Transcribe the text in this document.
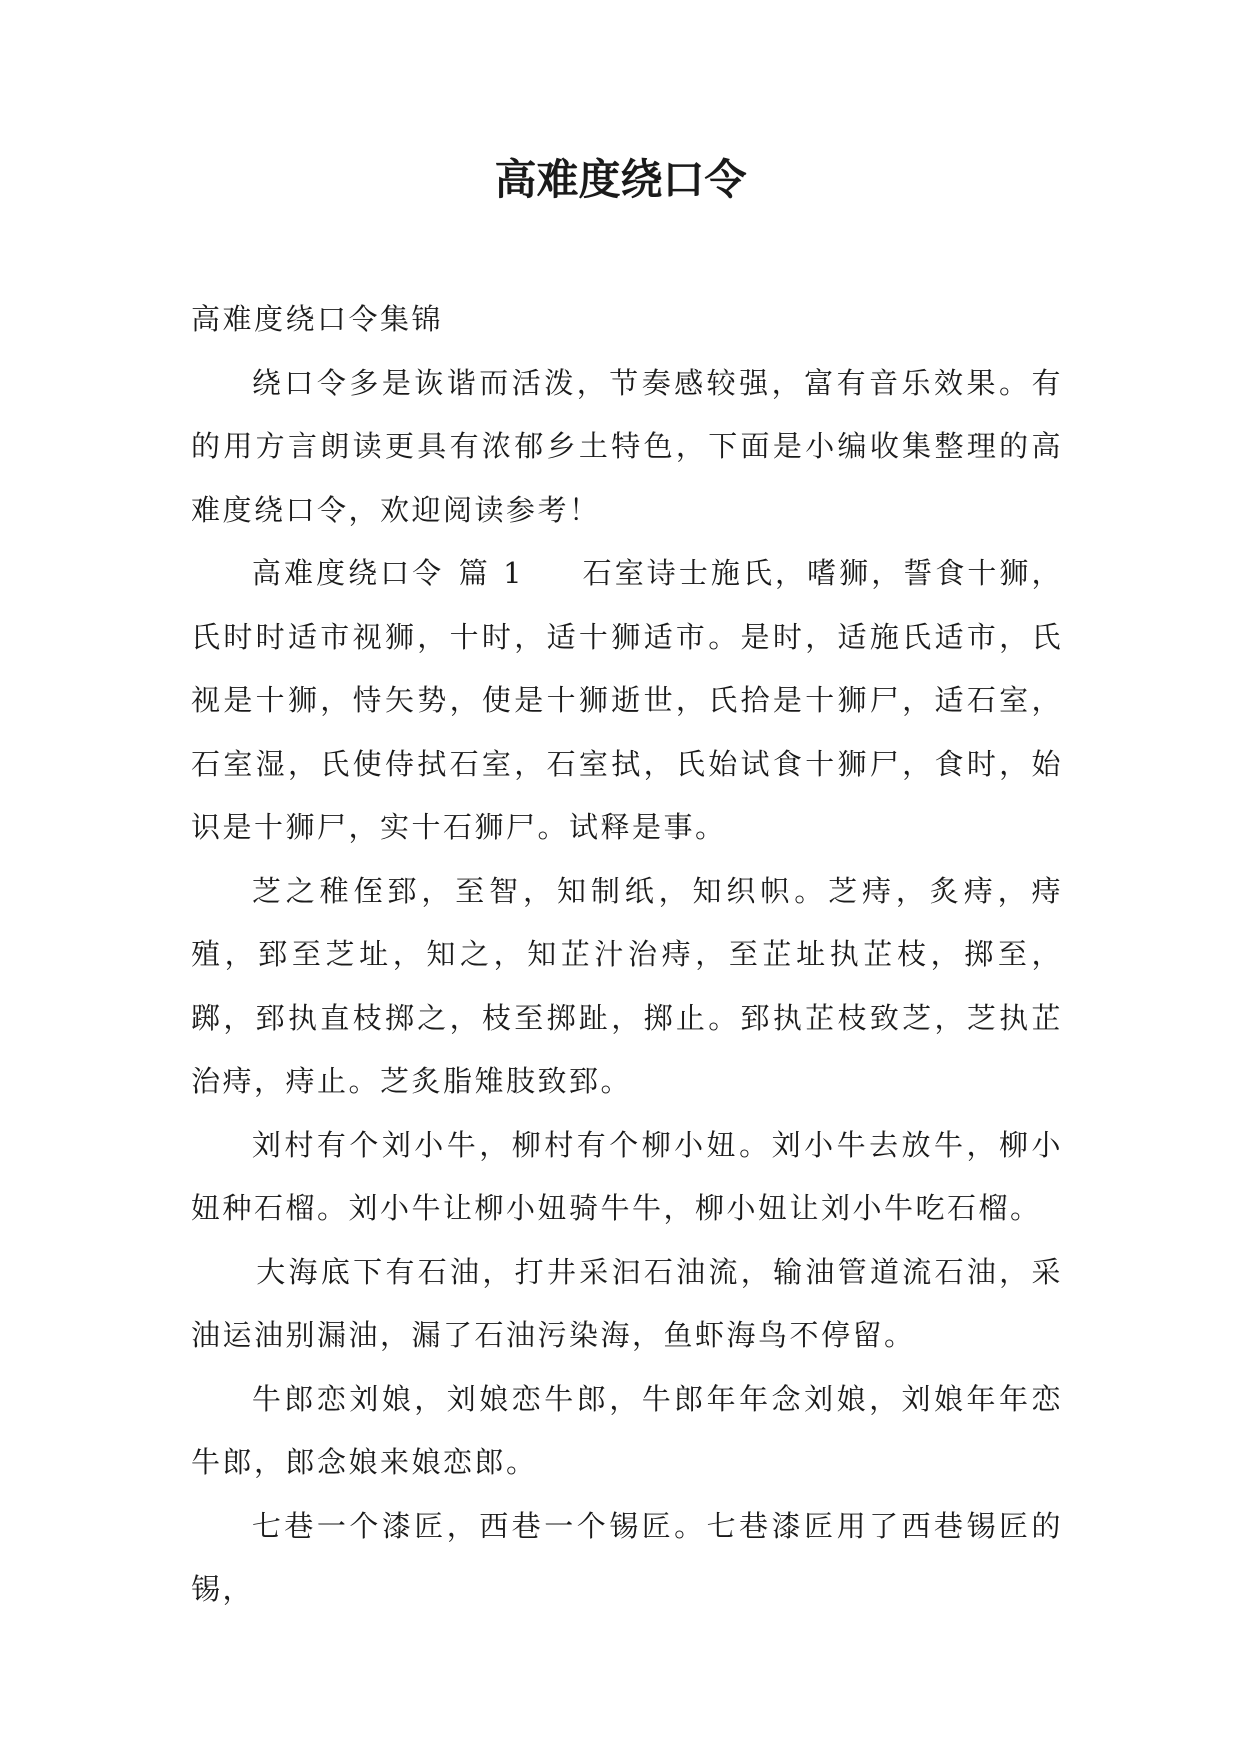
高难度绕口令

高难度绕口令集锦

绕口令多是诙谐而活泼，节奏感较强，富有音乐效果。有的用方言朗读更具有浓郁乡土特色，下面是小编收集整理的高难度绕口令，欢迎阅读参考！

高难度绕口令 篇 1 石室诗士施氏，嗜狮，誓食十狮，氏时时适市视狮，十时，适十狮适市。是时，适施氏适市，氏视是十狮，恃矢势，使是十狮逝世，氏拾是十狮尸，适石室，石室湿，氏使侍拭石室，石室拭，氏始试食十狮尸，食时，始识是十狮尸，实十石狮尸。试释是事。

芝之稚侄郅，至智，知制纸，知织帜。芝痔，炙痔，痔殖，郅至芝址，知之，知芷汁治痔，至芷址执芷枝，掷至，踯，郅执直枝掷之，枝至掷趾，掷止。郅执芷枝致芝，芝执芷治痔，痔止。芝炙脂雉肢致郅。

刘村有个刘小牛，柳村有个柳小妞。刘小牛去放牛，柳小妞种石榴。刘小牛让柳小妞骑牛牛，柳小妞让刘小牛吃石榴。

大海底下有石油，打井采汩石油流，输油管道流石油，采油运油别漏油，漏了石油污染海，鱼虾海鸟不停留。

牛郎恋刘娘，刘娘恋牛郎，牛郎年年念刘娘，刘娘年年恋牛郎，郎念娘来娘恋郎。

七巷一个漆匠，西巷一个锡匠。七巷漆匠用了西巷锡匠的锡，
